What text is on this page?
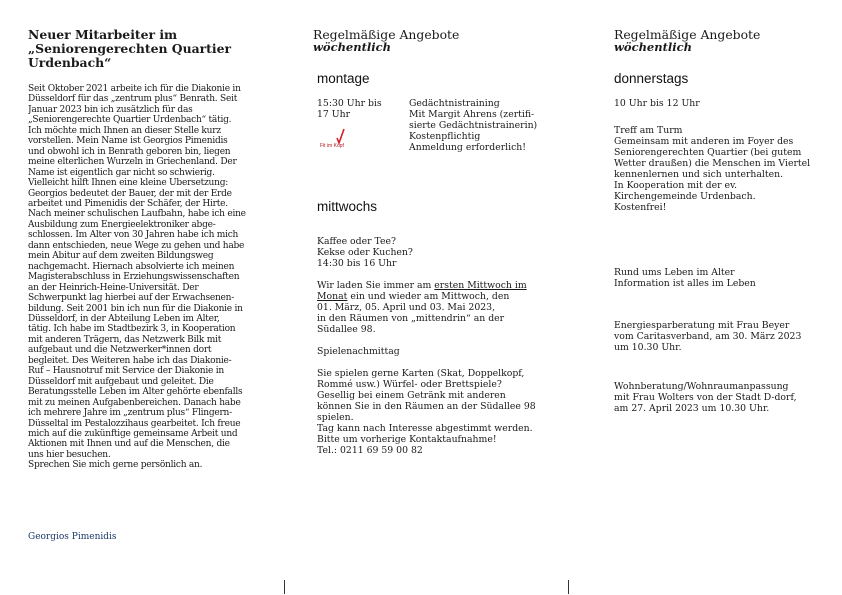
Neuer Mitarbeiter im
„Seniorengerechten Quartier
Urdenbach“
Seit Oktober 2021 arbeite ich für die Diakonie in
Düsseldorf für das „zentrum plus“ Benrath. Seit
Januar 2023 bin ich zusätzlich für das
„Seniorengerechte Quartier Urdenbach“ tätig.
Ich möchte mich Ihnen an dieser Stelle kurz
vorstellen. Mein Name ist Georgios Pimenidis
und obwohl ich in Benrath geboren bin, liegen
meine elterlichen Wurzeln in Griechenland. Der
Name ist eigentlich gar nicht so schwierig.
Vielleicht hilft Ihnen eine kleine Übersetzung:
Georgios bedeutet der Bauer, der mit der Erde
arbeitet und Pimenidis der Schäfer, der Hirte.
Nach meiner schulischen Laufbahn, habe ich eine
Ausbildung zum Energieelektroniker abge-
schlossen. Im Alter von 30 Jahren habe ich mich
dann entschieden, neue Wege zu gehen und habe
mein Abitur auf dem zweiten Bildungsweg
nachgemacht. Hiernach absolvierte ich meinen
Magisterabschluss in Erziehungswissenschaften
an der Heinrich-Heine-Universität. Der
Schwerpunkt lag hierbei auf der Erwachsenen-
bildung. Seit 2001 bin ich nun für die Diakonie in
Düsseldorf, in der Abteilung Leben im Alter,
tätig. Ich habe im Stadtbezirk 3, in Kooperation
mit anderen Trägern, das Netzwerk Bilk mit
aufgebaut und die Netzwerker*innen dort
begleitet. Des Weiteren habe ich das Diakonie-
Ruf – Hausnotruf mit Service der Diakonie in
Düsseldorf mit aufgebaut und geleitet. Die
Beratungsstelle Leben im Alter gehörte ebenfalls
mit zu meinen Aufgabenbereichen. Danach habe
ich mehrere Jahre im „zentrum plus“ Flingern-
Düsseltal im Pestalozzihaus gearbeitet. Ich freue
mich auf die zukünftige gemeinsame Arbeit und
Aktionen mit Ihnen und auf die Menschen, die
uns hier besuchen.
Sprechen Sie mich gerne persönlich an.
Georgios Pimenidis
Regelmäßige Angebote
wöchentlich
montage
15:30 Uhr bis
17 Uhr
Fit im Kopf
Gedächtnistraining
Mit Margit Ahrens (zertifi-
sierte Gedächtnistrainerin)
Kostenpflichtig
Anmeldung erforderlich!
mittwochs
Kaffee oder Tee?
Kekse oder Kuchen?
14:30 bis 16 Uhr

Wir laden Sie immer am ersten Mittwoch im
Monat ein und wieder am Mittwoch, den
01. März, 05. April und 03. Mai 2023,
in den Räumen von „mittendrin“ an der
Südallee 98.

Spielenachmittag

Sie spielen gerne Karten (Skat, Doppelkopf,
Rommé usw.) Würfel- oder Brettspiele?
Gesellig bei einem Getränk mit anderen
können Sie in den Räumen an der Südallee 98
spielen.
Tag kann nach Interesse abgestimmt werden.
Bitte um vorherige Kontaktaufnahme!
Tel.: 0211 69 59 00 82
Regelmäßige Angebote
wöchentlich
donnerstags
10 Uhr bis 12 Uhr
Treff am Turm
Gemeinsam mit anderen im Foyer des
Seniorengerechten Quartier (bei gutem
Wetter draußen) die Menschen im Viertel
kennenlernen und sich unterhalten.
In Kooperation mit der ev.
Kirchengemeinde Urdenbach.
Kostenfrei!
Rund ums Leben im Alter
Information ist alles im Leben
Energiesparberatung mit Frau Beyer
vom Caritasverband, am 30. März 2023
um 10.30 Uhr.
Wohnberatung/Wohnraumanpassung
mit Frau Wolters von der Stadt D-dorf,
am 27. April 2023 um 10.30 Uhr.
